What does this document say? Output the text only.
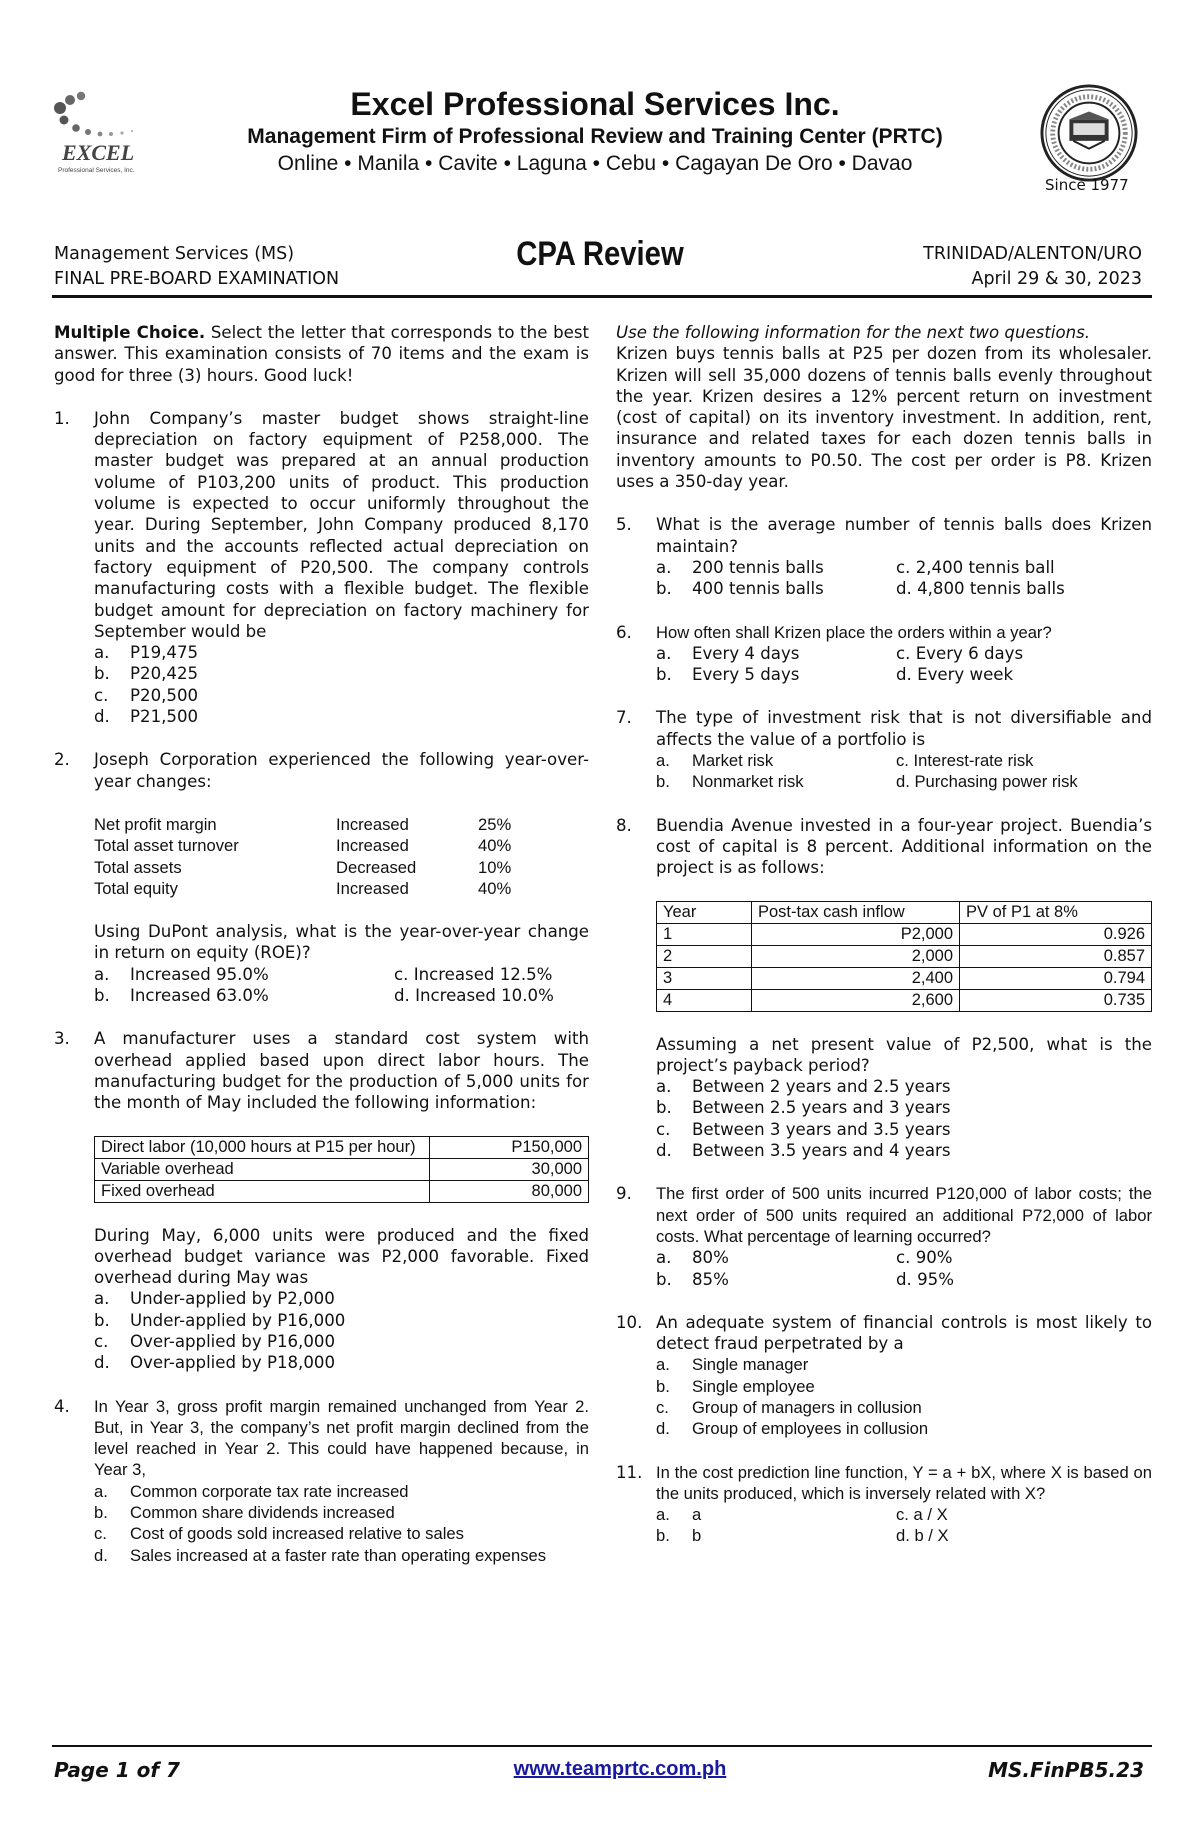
EXCEL
Professional Services, Inc.
Excel Professional Services Inc.
Management Firm of Professional Review and Training Center (PRTC)
Online • Manila • Cavite • Laguna • Cebu • Cagayan De Oro • Davao
Since 1977
Management Services (MS)
FINAL PRE-BOARD EXAMINATION
CPA Review	TRINIDAD/ALENTON/URO
April 29 & 30, 2023
Multiple Choice. Select the letter that corresponds to the best answer. This examination consists of 70 items and the exam is good for three (3) hours. Good luck!
1. John Company’s master budget shows straight-line depreciation on factory equipment of P258,000. The master budget was prepared at an annual production volume of P103,200 units of product. This production volume is expected to occur uniformly throughout the year. During September, John Company produced 8,170 units and the accounts reflected actual depreciation on factory equipment of P20,500. The company controls manufacturing costs with a flexible budget. The flexible budget amount for depreciation on factory machinery for September would be
a. P19,475
b. P20,425
c. P20,500
d. P21,500
2. Joseph Corporation experienced the following year-over-year changes:
Net profit margin	Increased	25%
Total asset turnover	Increased	40%
Total assets	Decreased	10%
Total equity	Increased	40%
Using DuPont analysis, what is the year-over-year change in return on equity (ROE)?
a. Increased 95.0%	c. Increased 12.5%
b. Increased 63.0%	d. Increased 10.0%
3. A manufacturer uses a standard cost system with overhead applied based upon direct labor hours. The manufacturing budget for the production of 5,000 units for the month of May included the following information:
Direct labor (10,000 hours at P15 per hour)	P150,000
Variable overhead	30,000
Fixed overhead	80,000
During May, 6,000 units were produced and the fixed overhead budget variance was P2,000 favorable. Fixed overhead during May was
a. Under-applied by P2,000
b. Under-applied by P16,000
c. Over-applied by P16,000
d. Over-applied by P18,000
4. In Year 3, gross profit margin remained unchanged from Year 2. But, in Year 3, the company’s net profit margin declined from the level reached in Year 2. This could have happened because, in Year 3,
a. Common corporate tax rate increased
b. Common share dividends increased
c. Cost of goods sold increased relative to sales
d. Sales increased at a faster rate than operating expenses
Use the following information for the next two questions.
Krizen buys tennis balls at P25 per dozen from its wholesaler. Krizen will sell 35,000 dozens of tennis balls evenly throughout the year. Krizen desires a 12% percent return on investment (cost of capital) on its inventory investment. In addition, rent, insurance and related taxes for each dozen tennis balls in inventory amounts to P0.50. The cost per order is P8. Krizen uses a 350-day year.
5. What is the average number of tennis balls does Krizen maintain?
a. 200 tennis balls	c. 2,400 tennis ball
b. 400 tennis balls	d. 4,800 tennis balls
6. How often shall Krizen place the orders within a year?
a. Every 4 days	c. Every 6 days
b. Every 5 days	d. Every week
7. The type of investment risk that is not diversifiable and affects the value of a portfolio is
a. Market risk	c. Interest-rate risk
b. Nonmarket risk	d. Purchasing power risk
8. Buendia Avenue invested in a four-year project. Buendia’s cost of capital is 8 percent. Additional information on the project is as follows:
Year	Post-tax cash inflow	PV of P1 at 8%
1	P2,000	0.926
2	2,000	0.857
3	2,400	0.794
4	2,600	0.735
Assuming a net present value of P2,500, what is the project’s payback period?
a. Between 2 years and 2.5 years
b. Between 2.5 years and 3 years
c. Between 3 years and 3.5 years
d. Between 3.5 years and 4 years
9. The first order of 500 units incurred P120,000 of labor costs; the next order of 500 units required an additional P72,000 of labor costs. What percentage of learning occurred?
a. 80%	c. 90%
b. 85%	d. 95%
10. An adequate system of financial controls is most likely to detect fraud perpetrated by a
a. Single manager
b. Single employee
c. Group of managers in collusion
d. Group of employees in collusion
11. In the cost prediction line function, Y = a + bX, where X is based on the units produced, which is inversely related with X?
a. a	c. a / X
b. b	d. b / X
Page 1 of 7	www.teamprtc.com.ph	MS.FinPB5.23
